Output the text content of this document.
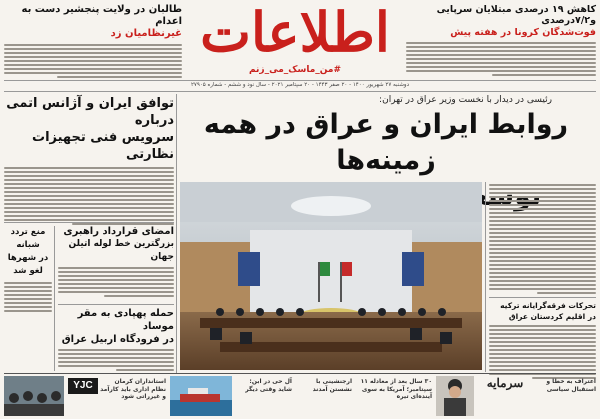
طالبان در ولایت پنجشیر دست به اعدام
غیرنظامیان زد اطلاعات
#من_ماسک_می_زنم
کاهش ۱۹ درصدی مبتلایان سرپایی و۷/۲درصدی
فوت‌شدگان کرونا در هفته پیش
دوشنبه ۲۷ شهریور ۱۴۰۰ - ۲۰ صفر ۱۴۴۳ - ۲۰ سپتامبر ۲۰۲۱ - سال نود و ششم - شماره ۲۷۹۰۵
رئیسی در دیدار با نخست وزیر عراق در تهران:
روابط ایران و عراق در همه زمینه‌ها
توافق ایران و آژانس اتمی درباره
سرویس فنی تجهیزات نظارتی
منع تردد شبانه
در شهرها
لغو شد
امضای قرارداد راهبری
بزرگترین خط لوله اتیلن جهان
حمله پهپادی به مقر موساد
در فرودگاه اربیل عراق
تحرکات فرقه‌گرایانه ترکیه
در اقلیم کردستان عراق
YJC	استانداران کرمان نظام اداری باید کارآمد و غیرراتی شود
آل حی در ابن: شاید وقتی دیگر
ارجنشینی با نشستن آمدند
۳۰ سال بعد از معادله ۱۱ سپتامبر؛ آمریکا به سوی آینده‌ای تیره
سرمایه	اعتراف به خطا و استقبال سیاسی
